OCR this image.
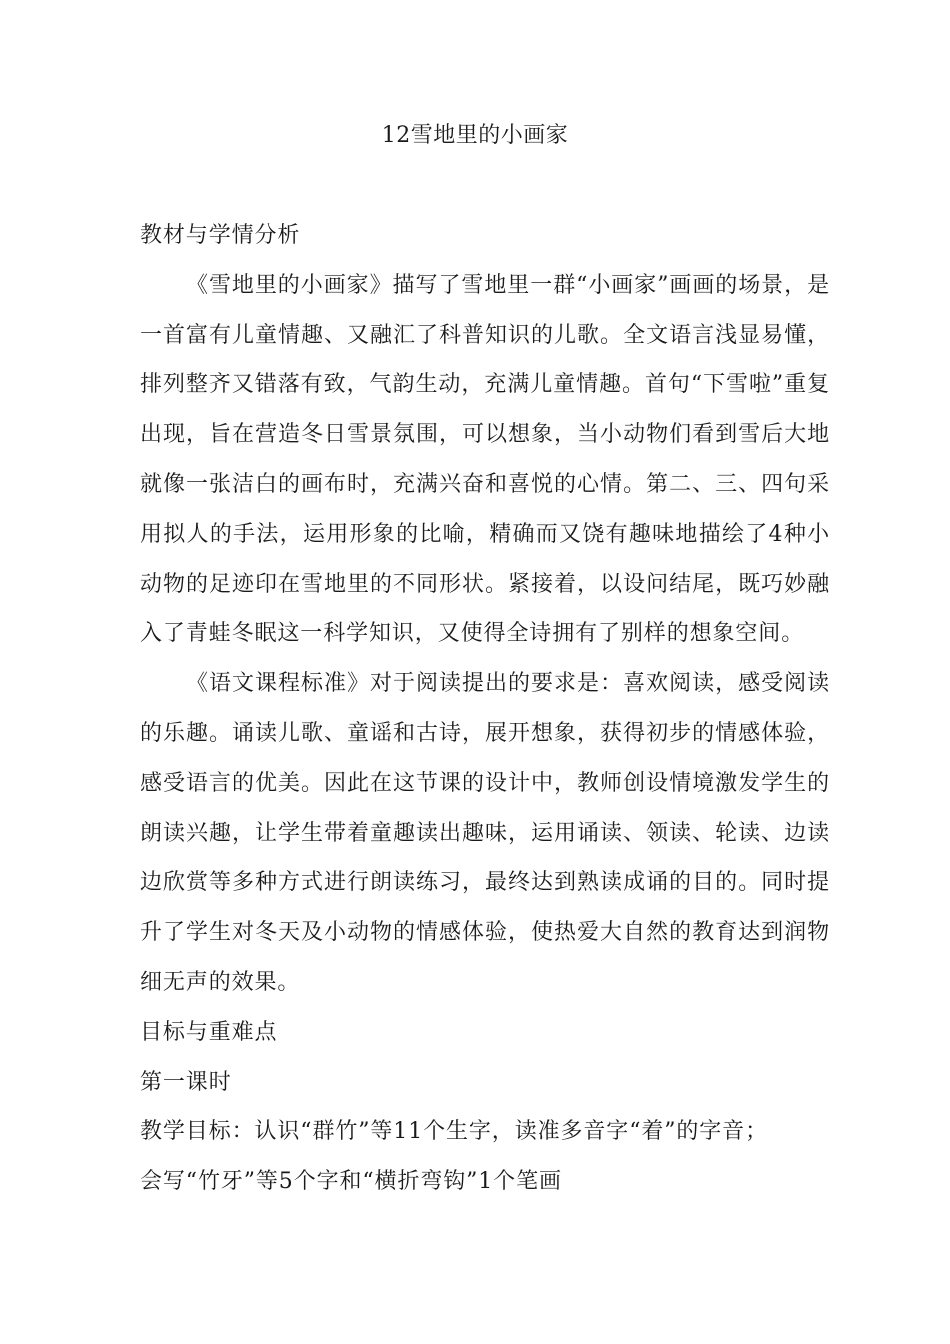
12雪地里的小画家

教材与学情分析

《雪地里的小画家》描写了雪地里一群“小画家”画画的场景，是一首富有儿童情趣、又融汇了科普知识的儿歌。全文语言浅显易懂，排列整齐又错落有致，气韵生动，充满儿童情趣。首句“下雪啦”重复出现，旨在营造冬日雪景氛围，可以想象，当小动物们看到雪后大地就像一张洁白的画布时，充满兴奋和喜悦的心情。第二、三、四句采用拟人的手法，运用形象的比喻，精确而又饶有趣味地描绘了4种小动物的足迹印在雪地里的不同形状。紧接着，以设问结尾，既巧妙融入了青蛙冬眠这一科学知识，又使得全诗拥有了别样的想象空间。

《语文课程标准》对于阅读提出的要求是：喜欢阅读，感受阅读的乐趣。诵读儿歌、童谣和古诗，展开想象，获得初步的情感体验，感受语言的优美。因此在这节课的设计中，教师创设情境激发学生的朗读兴趣，让学生带着童趣读出趣味，运用诵读、领读、轮读、边读边欣赏等多种方式进行朗读练习，最终达到熟读成诵的目的。同时提升了学生对冬天及小动物的情感体验，使热爱大自然的教育达到润物细无声的效果。

目标与重难点

第一课时

教学目标：认识“群竹”等11个生字，读准多音字“着”的字音；

会写“竹牙”等5个字和“横折弯钩”1个笔画
